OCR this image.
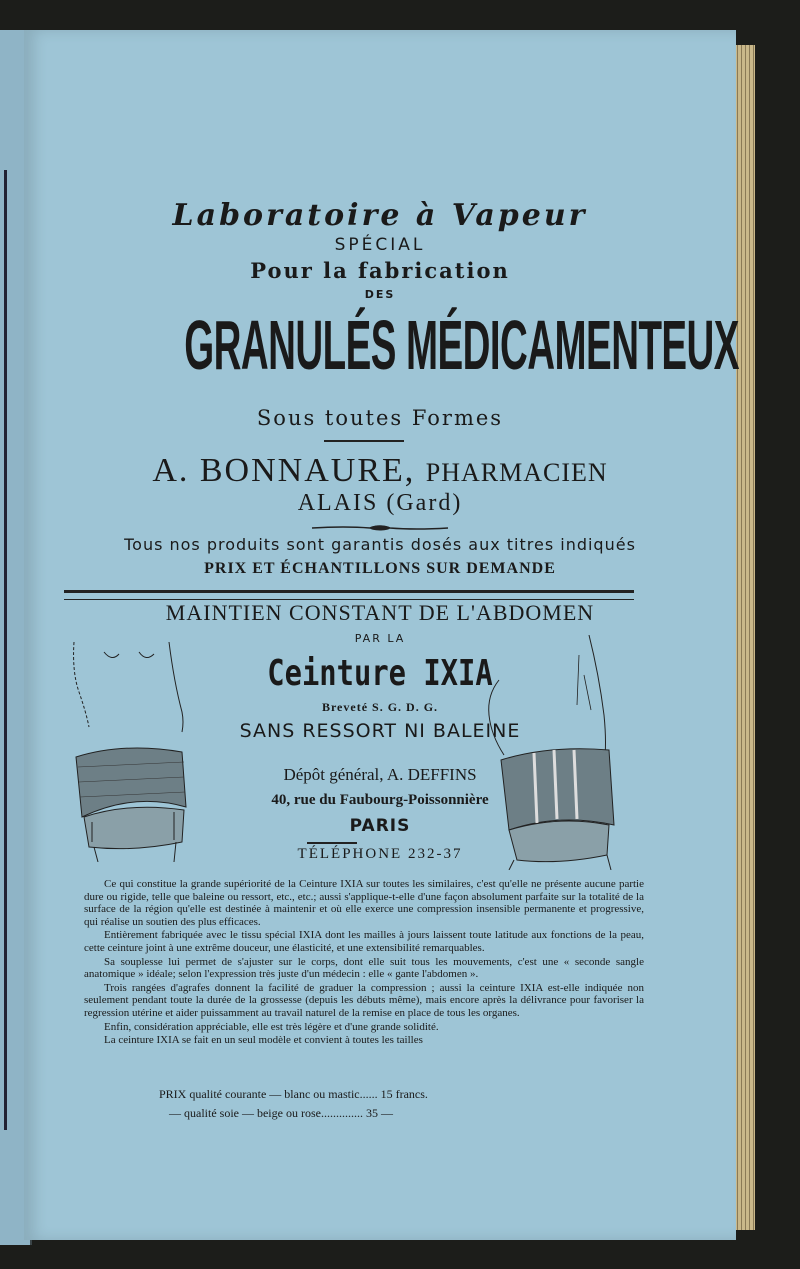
Laboratoire à Vapeur
SPÉCIAL
Pour la fabrication
DES
GRANULÉS MÉDICAMENTEUX
Sous toutes Formes
A. BONNAURE, PHARMACIEN
ALAIS (Gard)
Tous nos produits sont garantis dosés aux titres indiqués
PRIX ET ÉCHANTILLONS SUR DEMANDE
MAINTIEN CONSTANT DE L'ABDOMEN
PAR LA
Ceinture IXIA
Breveté S. G. D. G.
SANS RESSORT NI BALEINE
Dépôt général, A. DEFFINS
40, rue du Faubourg-Poissonnière
PARIS
TÉLÉPHONE 232-37

Ce qui constitue la grande supériorité de la Ceinture IXIA sur toutes les similaires, c'est qu'elle ne présente aucune partie dure ou rigide, telle que baleine ou ressort, etc., etc.; aussi s'applique-t-elle d'une façon absolument parfaite sur la totalité de la surface de la région qu'elle est destinée à maintenir et où elle exerce une compression insensible permanente et progressive, qui réalise un soutien des plus efficaces.

Entièrement fabriquée avec le tissu spécial IXIA dont les mailles à jours laissent toute latitude aux fonctions de la peau, cette ceinture joint à une extrême douceur, une élasticité, et une extensibilité remarquables.

Sa souplesse lui permet de s'ajuster sur le corps, dont elle suit tous les mouvements, c'est une « seconde sangle anatomique » idéale; selon l'expression très juste d'un médecin : elle « gante l'abdomen ».

Trois rangées d'agrafes donnent la facilité de graduer la compression ; aussi la ceinture IXIA est-elle indiquée non seulement pendant toute la durée de la grossesse (depuis les débuts même), mais encore après la délivrance pour favoriser la regression utérine et aider puissamment au travail naturel de la remise en place de tous les organes.

Enfin, considération appréciable, elle est très légère et d'une grande solidité.

La ceinture IXIA se fait en un seul modèle et convient à toutes les tailles

PRIX qualité courante — blanc ou mastic...... 15 francs.
— qualité soie — beige ou rose.............. 35 —
